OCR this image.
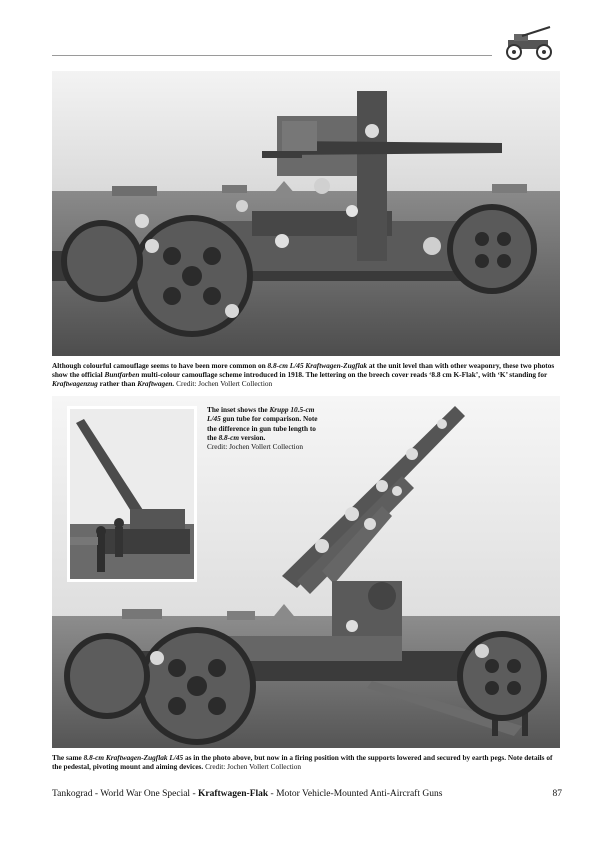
Although colourful camouflage seems to have been more common on 8.8-cm L/45 Kraftwagen-Zugflak at the unit level than with other weaponry, these two photos show the official Buntfarben multi-colour camouflage scheme introduced in 1918. The lettering on the breech cover reads ‘8.8 cm K-Flak’, with ‘K’ standing for Kraftwagenzug rather than Kraftwagen. Credit: Jochen Vollert Collection
The inset shows the Krupp 10.5-cm L/45 gun tube for comparison. Note the difference in gun tube length to the 8.8-cm version.
Credit: Jochen Vollert Collection
The same 8.8-cm Kraftwagen-Zugflak L/45 as in the photo above, but now in a firing position with the supports lowered and secured by earth pegs. Note details of the pedestal, pivoting mount and aiming devices. Credit: Jochen Vollert Collection
Tankograd - World War One Special - Kraftwagen-Flak - Motor Vehicle-Mounted Anti-Aircraft Guns	87
